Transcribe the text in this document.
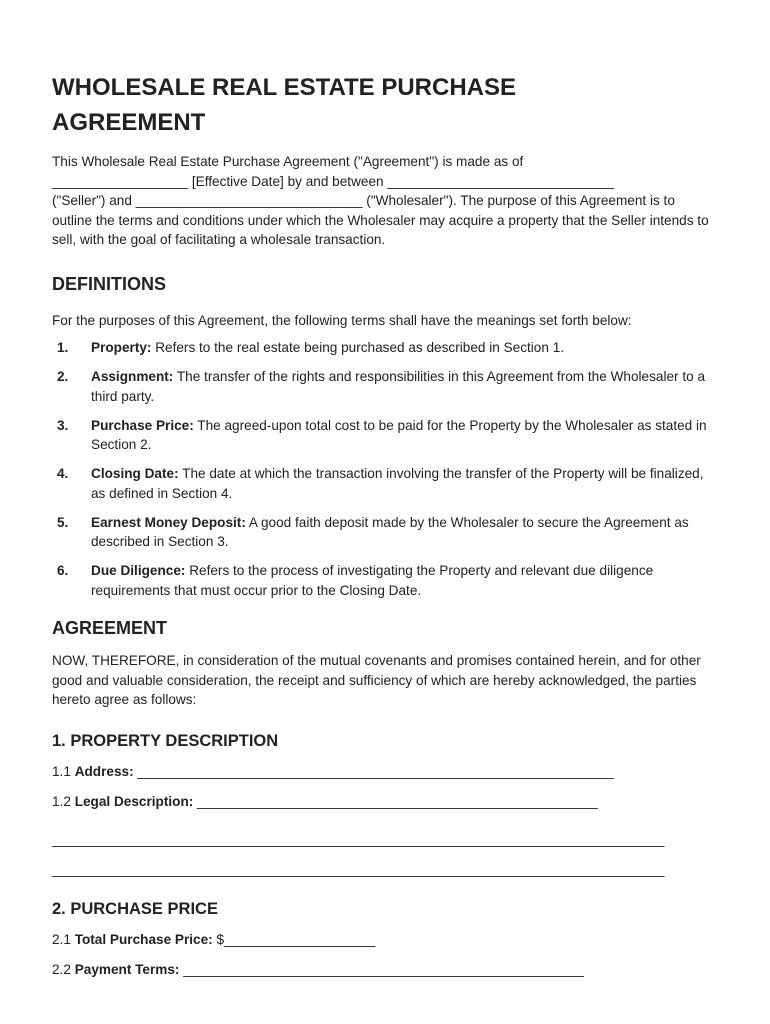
WHOLESALE REAL ESTATE PURCHASE AGREEMENT
This Wholesale Real Estate Purchase Agreement ("Agreement") is made as of
__________________ [Effective Date] by and between ______________________________
("Seller") and ______________________________ ("Wholesaler"). The purpose of this Agreement is to outline the terms and conditions under which the Wholesaler may acquire a property that the Seller intends to sell, with the goal of facilitating a wholesale transaction.
DEFINITIONS
For the purposes of this Agreement, the following terms shall have the meanings set forth below:
1. Property: Refers to the real estate being purchased as described in Section 1.
2. Assignment: The transfer of the rights and responsibilities in this Agreement from the Wholesaler to a third party.
3. Purchase Price: The agreed-upon total cost to be paid for the Property by the Wholesaler as stated in Section 2.
4. Closing Date: The date at which the transaction involving the transfer of the Property will be finalized, as defined in Section 4.
5. Earnest Money Deposit: A good faith deposit made by the Wholesaler to secure the Agreement as described in Section 3.
6. Due Diligence: Refers to the process of investigating the Property and relevant due diligence requirements that must occur prior to the Closing Date.
AGREEMENT
NOW, THEREFORE, in consideration of the mutual covenants and promises contained herein, and for other good and valuable consideration, the receipt and sufficiency of which are hereby acknowledged, the parties hereto agree as follows:
1. PROPERTY DESCRIPTION
1.1 Address: _______________________________________________________________
1.2 Legal Description: _____________________________________________________
_________________________________________________________________________________
_________________________________________________________________________________
2. PURCHASE PRICE
2.1 Total Purchase Price: $____________________
2.2 Payment Terms: _____________________________________________________
